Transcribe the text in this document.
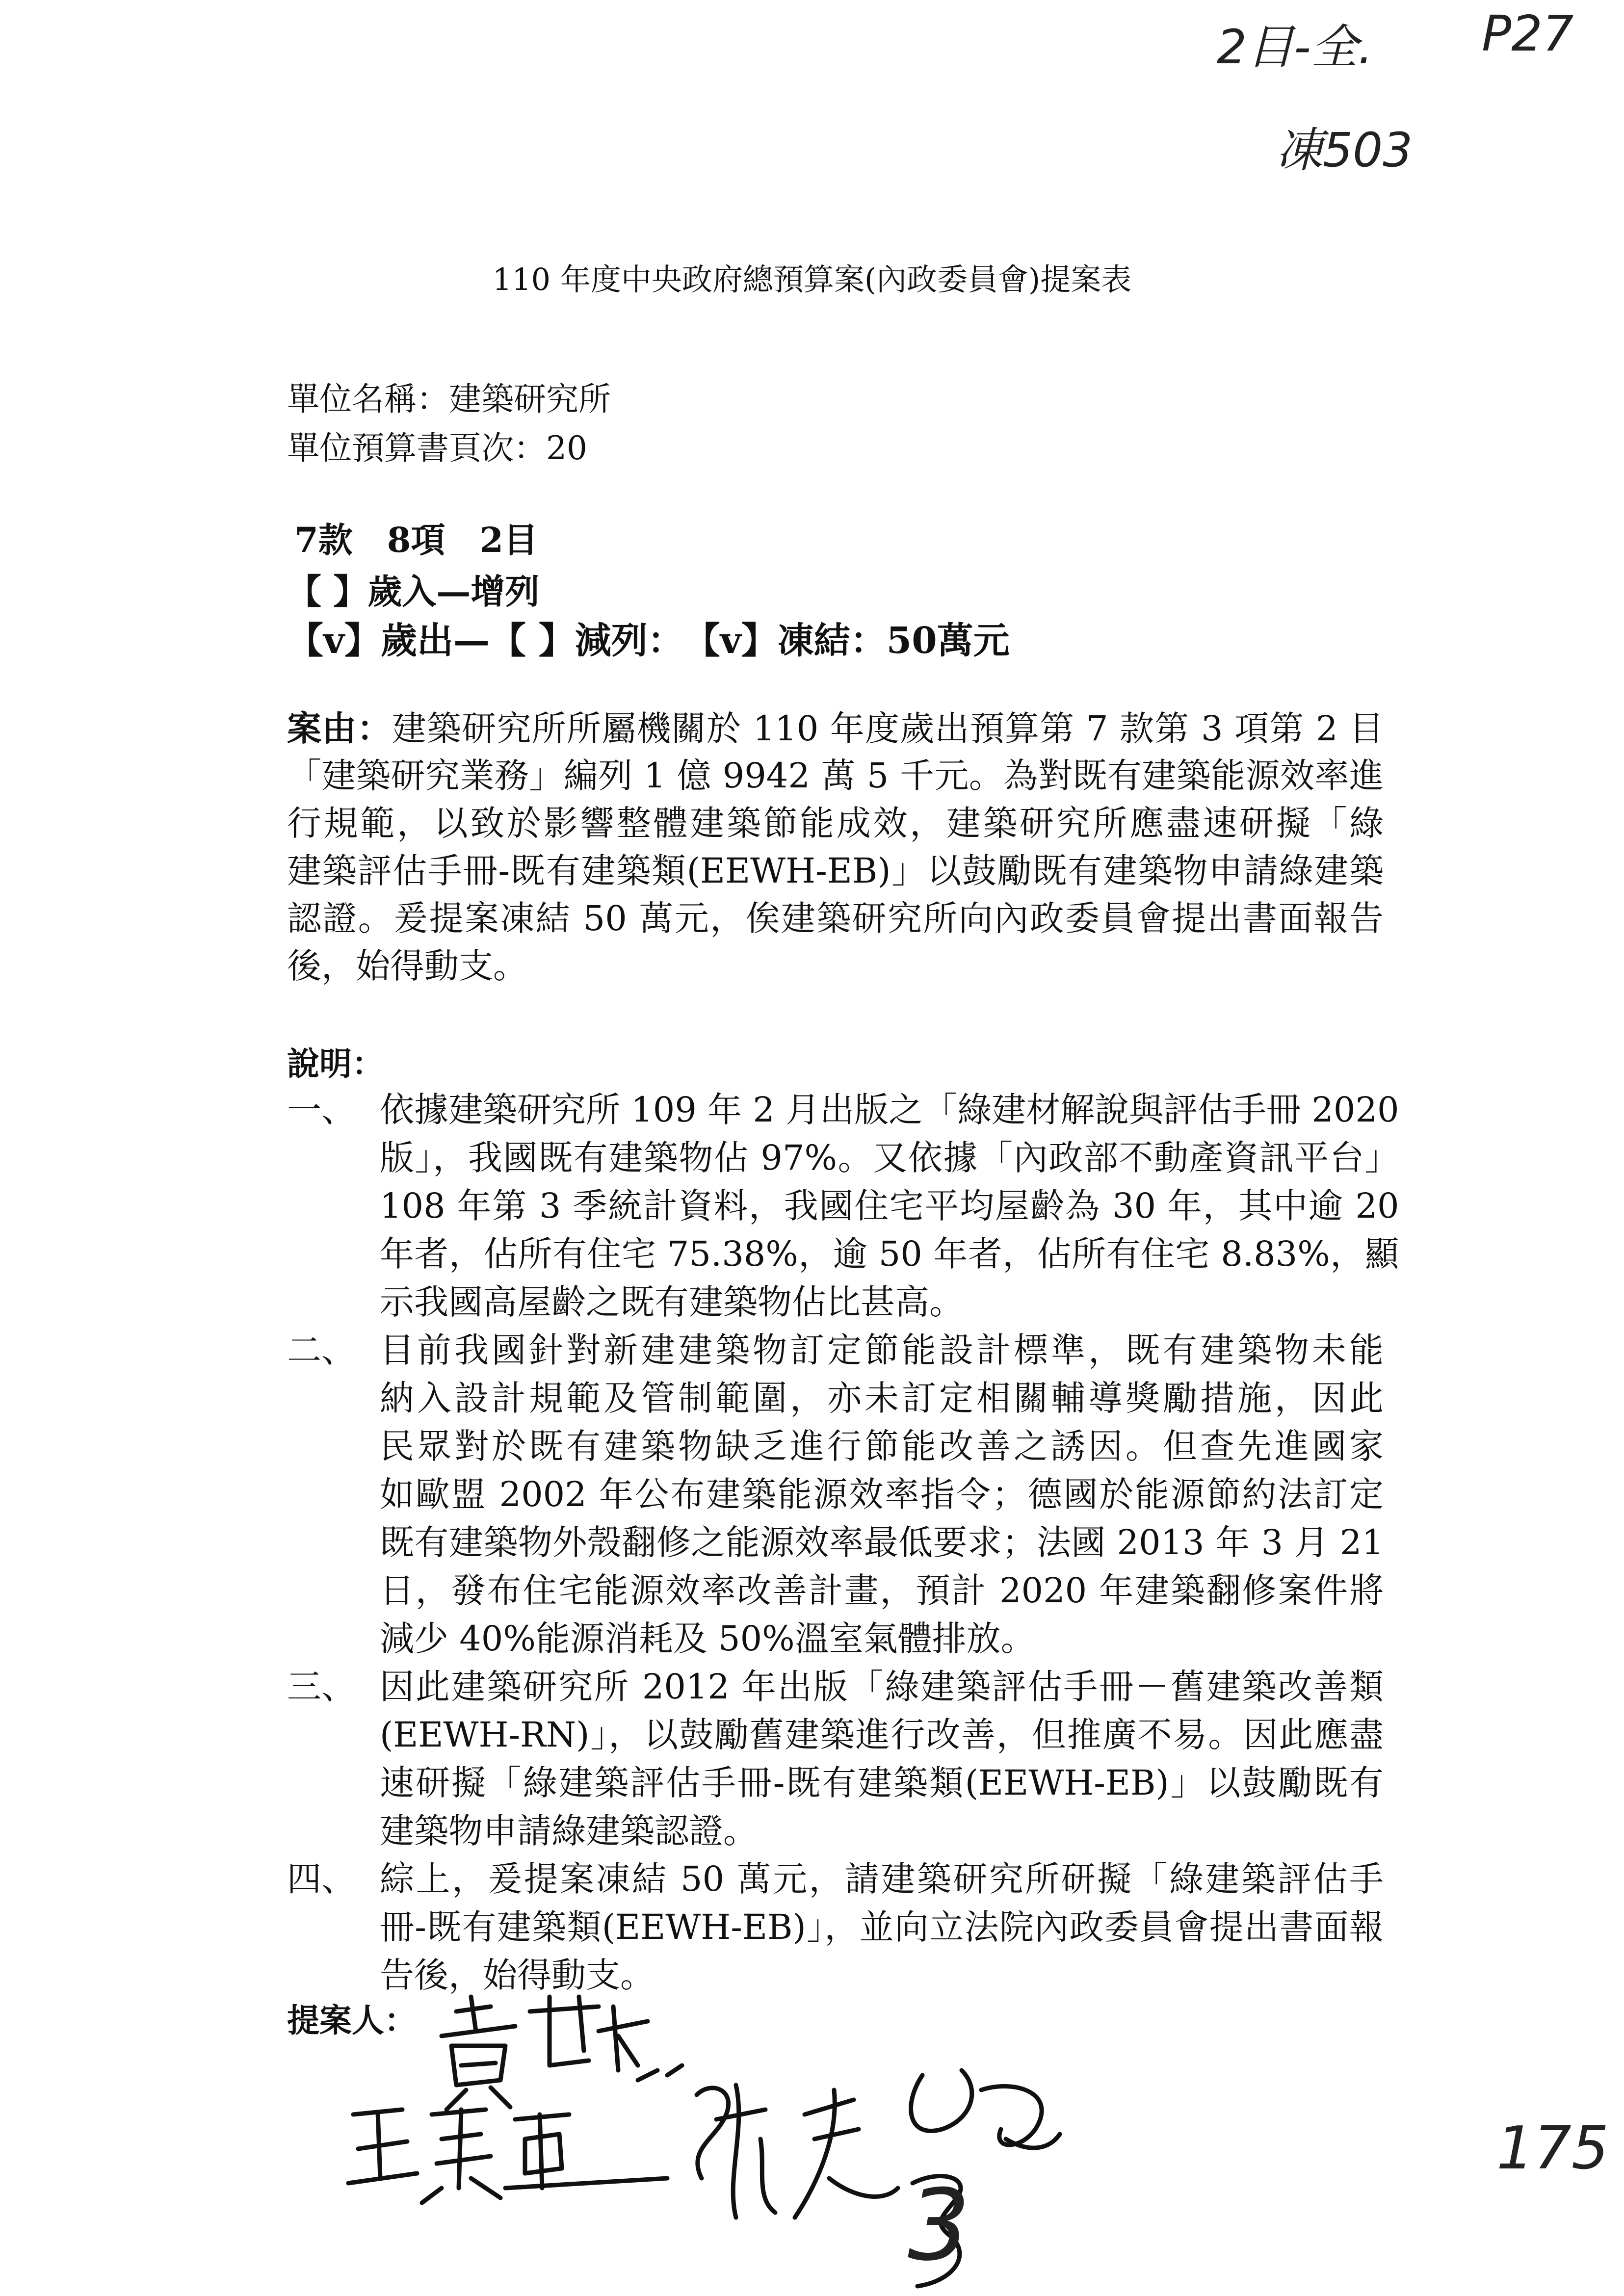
2目-全. P27
凍503
110 年度中央政府總預算案(內政委員會)提案表
單位名稱：建築研究所
單位預算書頁次：20
7款　8項　2目
【 】歲入—增列
【v】歲出—【 】減列：　【v】凍結：50萬元
案由：建築研究所所屬機關於 110 年度歲出預算第 7 款第 3 項第 2 目
「建築研究業務」編列 1 億 9942 萬 5 千元。為對既有建築能源效率進
行規範，以致於影響整體建築節能成效，建築研究所應盡速研擬「綠
建築評估手冊-既有建築類(EEWH-EB)」以鼓勵既有建築物申請綠建築
認證。爰提案凍結 50 萬元，俟建築研究所向內政委員會提出書面報告
後，始得動支。
說明：
一、 依據建築研究所 109 年 2 月出版之「綠建材解說與評估手冊 2020
版」，我國既有建築物佔 97%。又依據「內政部不動產資訊平台」
108 年第 3 季統計資料，我國住宅平均屋齡為 30 年，其中逾 20
年者，佔所有住宅 75.38%，逾 50 年者，佔所有住宅 8.83%，顯
示我國高屋齡之既有建築物佔比甚高。
二、 目前我國針對新建建築物訂定節能設計標準，既有建築物未能
納入設計規範及管制範圍，亦未訂定相關輔導獎勵措施，因此
民眾對於既有建築物缺乏進行節能改善之誘因。但查先進國家
如歐盟 2002 年公布建築能源效率指令；德國於能源節約法訂定
既有建築物外殼翻修之能源效率最低要求；法國 2013 年 3 月 21
日，發布住宅能源效率改善計畫，預計 2020 年建築翻修案件將
減少 40%能源消耗及 50%溫室氣體排放。
三、 因此建築研究所 2012 年出版「綠建築評估手冊－舊建築改善類
(EEWH-RN)」，以鼓勵舊建築進行改善，但推廣不易。因此應盡
速研擬「綠建築評估手冊-既有建築類(EEWH-EB)」以鼓勵既有
建築物申請綠建築認證。
四、 綜上，爰提案凍結 50 萬元，請建築研究所研擬「綠建築評估手
冊-既有建築類(EEWH-EB)」，並向立法院內政委員會提出書面報
告後，始得動支。
提案人：
3
175
